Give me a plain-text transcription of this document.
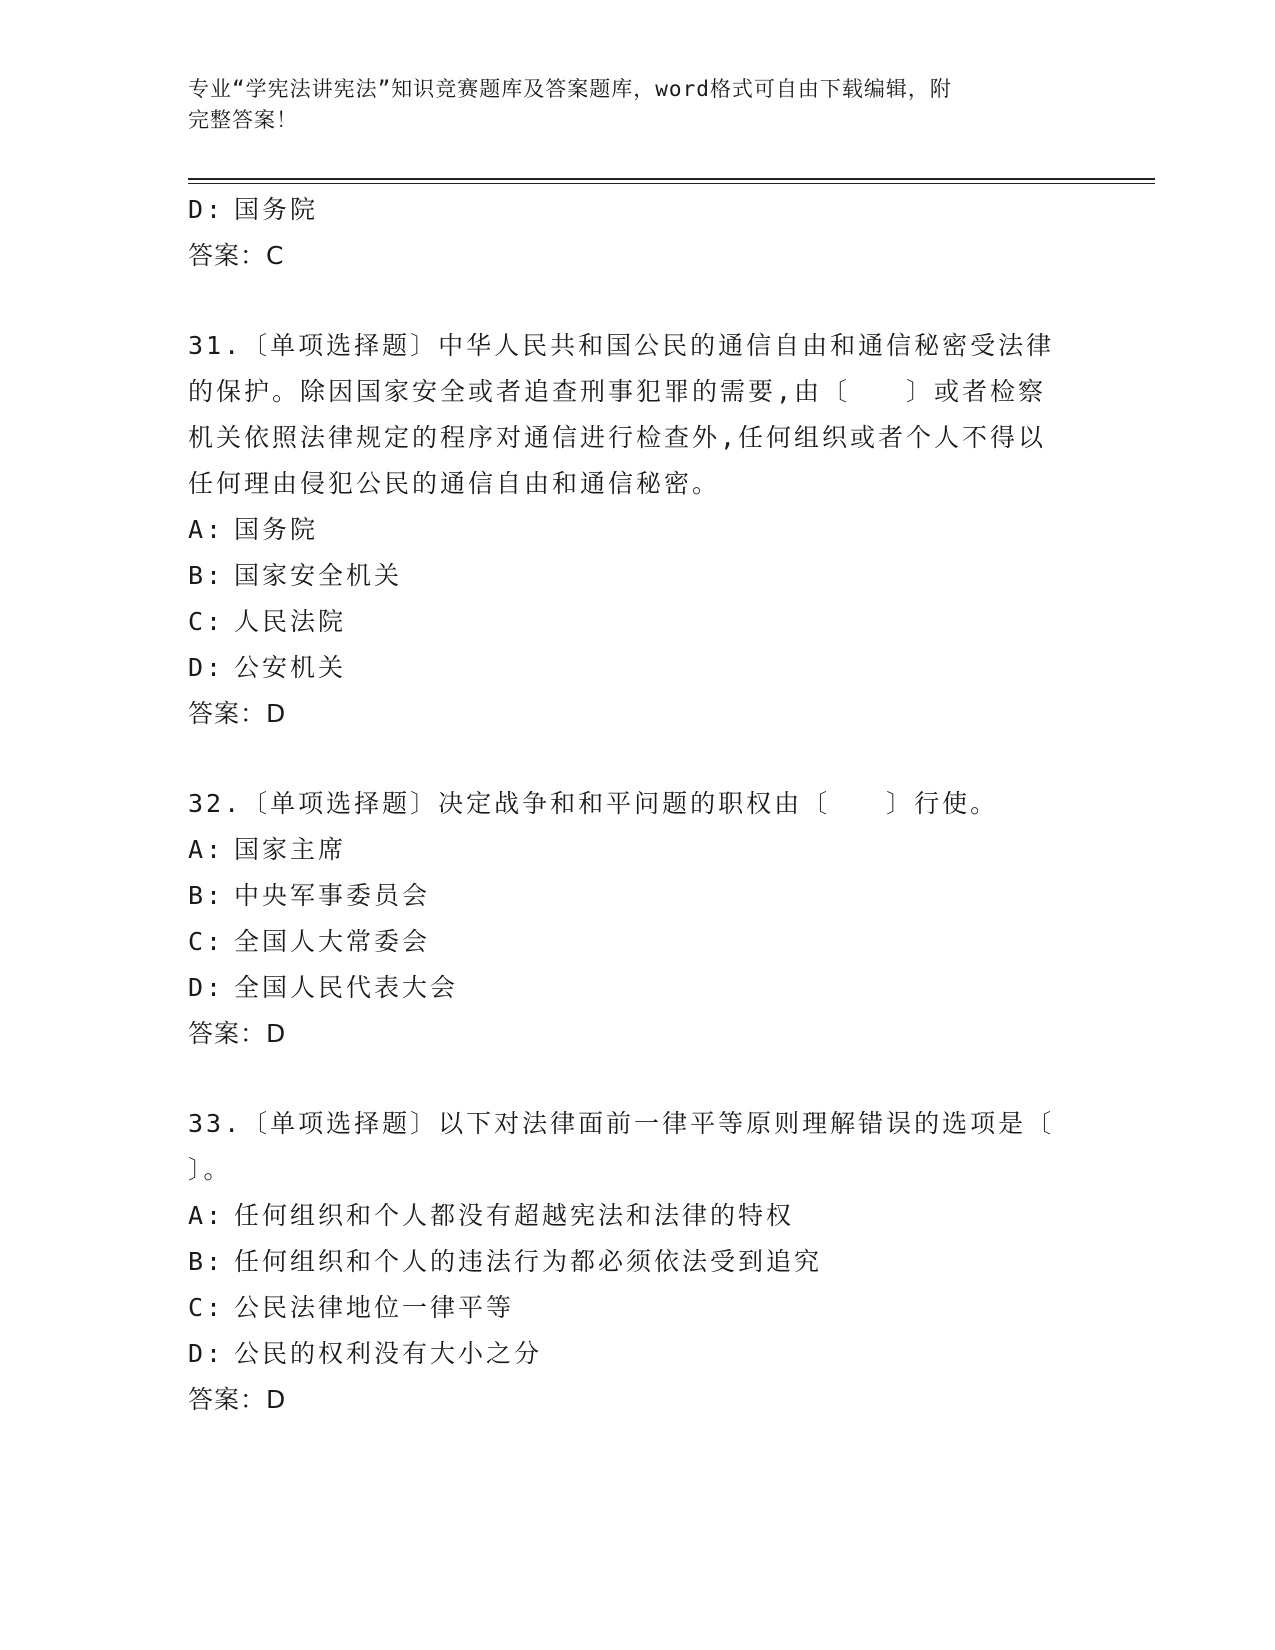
专业“学宪法讲宪法”知识竞赛题库及答案题库，word格式可自由下载编辑，附
完整答案！
D: 国务院
答案：C
31.〔单项选择题〕中华人民共和国公民的通信自由和通信秘密受法律
的保护。除因国家安全或者追查刑事犯罪的需要,由〔　　〕或者检察
机关依照法律规定的程序对通信进行检查外,任何组织或者个人不得以
任何理由侵犯公民的通信自由和通信秘密。
A: 国务院
B: 国家安全机关
C: 人民法院
D: 公安机关
答案：D
32.〔单项选择题〕决定战争和和平问题的职权由〔　　〕行使。
A: 国家主席
B: 中央军事委员会
C: 全国人大常委会
D: 全国人民代表大会
答案：D
33.〔单项选择题〕以下对法律面前一律平等原则理解错误的选项是〔
〕。
A: 任何组织和个人都没有超越宪法和法律的特权
B: 任何组织和个人的违法行为都必须依法受到追究
C: 公民法律地位一律平等
D: 公民的权利没有大小之分
答案：D
